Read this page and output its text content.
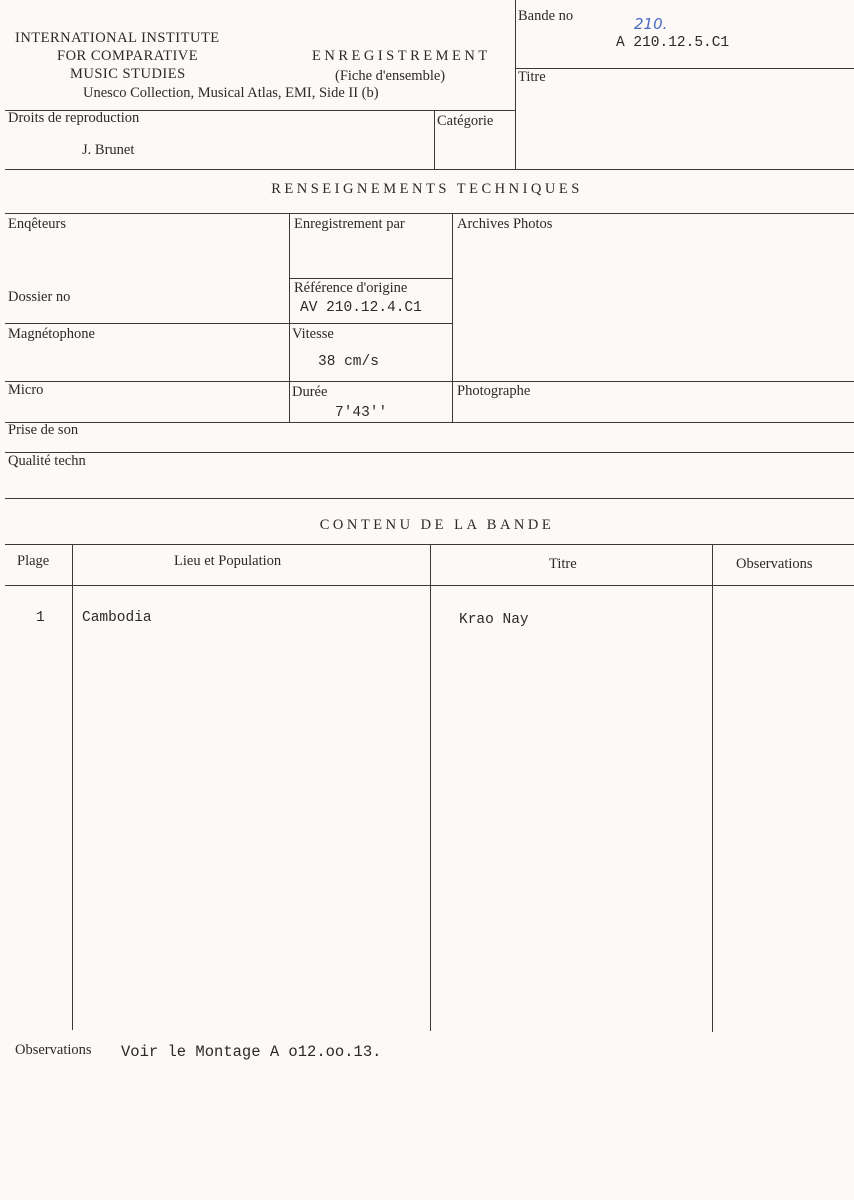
INTERNATIONAL INSTITUTE
FOR COMPARATIVE
MUSIC STUDIES
Unesco Collection, Musical Atlas, EMI, Side II (b)
ENREGISTREMENT
(Fiche d'ensemble)
Bande no	210.
A 210.12.5.C1
Titre
Droits de reproduction
J. Brunet
Catégorie
RENSEIGNEMENTS TECHNIQUES
Enqêteurs	Enregistrement par	Archives Photos
Référence d'origine
AV 210.12.4.C1
Dossier no
Magnétophone	Vitesse
38 cm/s
Micro	Durée
7'43''
Photographe
Prise de son
Qualité techn
CONTENU DE LA BANDE
Plage	Lieu et Population	Titre	Observations
1	Cambodia	Krao Nay
Observations Voir le Montage A o12.oo.13.
